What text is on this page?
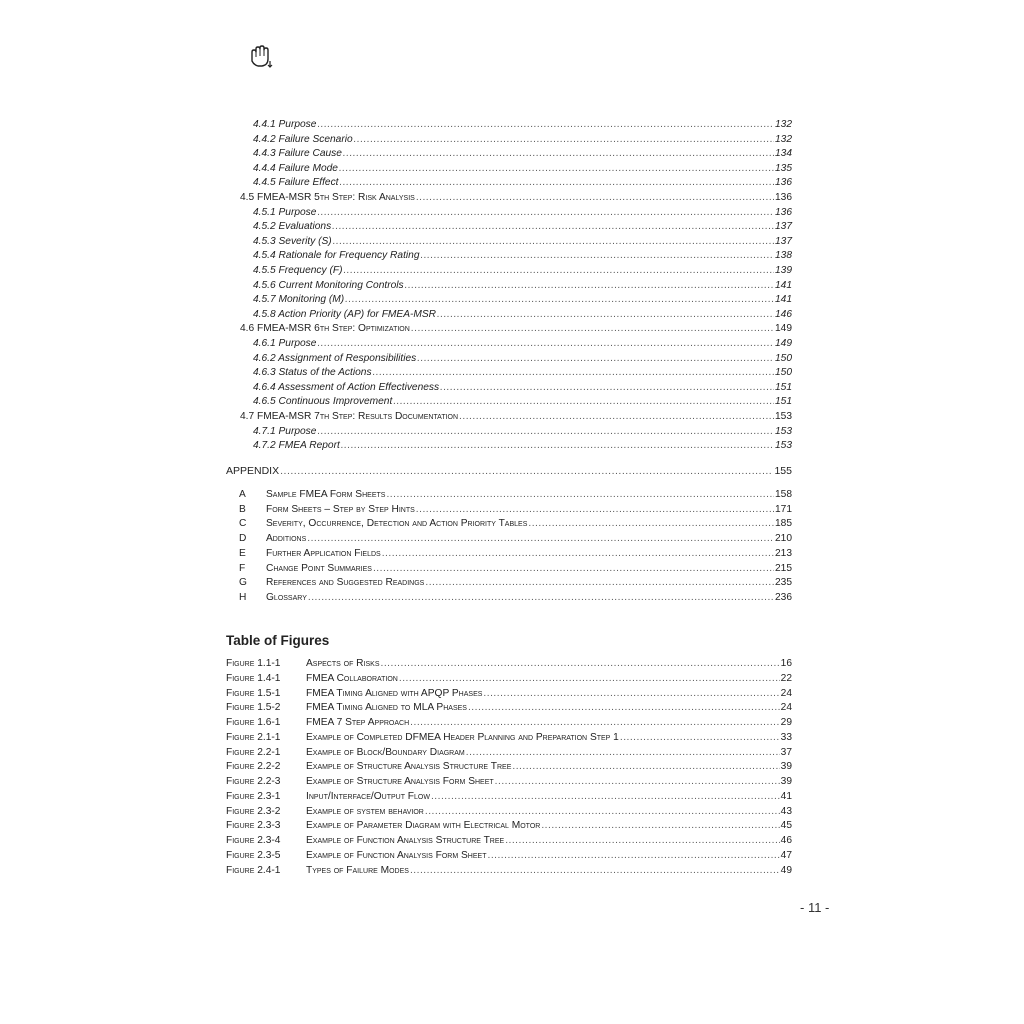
4.4.1 Purpose .....	132
4.4.2 Failure Scenario .....	132
4.4.3 Failure Cause .....	134
4.4.4 Failure Mode .....	135
4.4.5 Failure Effect .....	136
4.5 FMEA-MSR 5th Step: Risk Analysis .....	136
4.5.1 Purpose .....	136
4.5.2 Evaluations .....	137
4.5.3 Severity (S) .....	137
4.5.4 Rationale for Frequency Rating .....	138
4.5.5 Frequency (F) .....	139
4.5.6 Current Monitoring Controls .....	141
4.5.7 Monitoring (M) .....	141
4.5.8 Action Priority (AP) for FMEA-MSR .....	146
4.6 FMEA-MSR 6th Step: Optimization .....	149
4.6.1 Purpose .....	149
4.6.2 Assignment of Responsibilities .....	150
4.6.3 Status of the Actions .....	150
4.6.4 Assessment of Action Effectiveness .....	151
4.6.5 Continuous Improvement .....	151
4.7 FMEA-MSR 7th Step: Results Documentation .....	153
4.7.1 Purpose .....	153
4.7.2 FMEA Report .....	153
APPENDIX .....	155
A Sample FMEA Form Sheets .....	158
B Form Sheets – Step by Step Hints .....	171
C Severity, Occurrence, Detection and Action Priority Tables .....	185
D Additions .....	210
E Further Application Fields .....	213
F Change Point Summaries .....	215
G References and Suggested Readings .....	235
H Glossary .....	236
Figure 1.1-1	Aspects of Risks .....	16
Figure 1.4-1	FMEA Collaboration .....	22
Figure 1.5-1	FMEA Timing Aligned with APQP Phases .....	24
Figure 1.5-2	FMEA Timing Aligned to MLA Phases .....	24
Figure 1.6-1	FMEA 7 Step Approach .....	29
Figure 2.1-1	Example of Completed DFMEA Header Planning and Preparation Step 1 .....	33
Figure 2.2-1	Example of Block/Boundary Diagram .....	37
Figure 2.2-2	Example of Structure Analysis Structure Tree .....	39
Figure 2.2-3	Example of Structure Analysis Form Sheet .....	39
Figure 2.3-1	Input/Interface/Output Flow .....	41
Figure 2.3-2	Example of system behavior .....	43
Figure 2.3-3	Example of Parameter Diagram with Electrical Motor .....	45
Figure 2.3-4	Example of Function Analysis Structure Tree .....	46
Figure 2.3-5	Example of Function Analysis Form Sheet .....	47
Figure 2.4-1	Types of Failure Modes .....	49
Table of Figures
- 11 -
